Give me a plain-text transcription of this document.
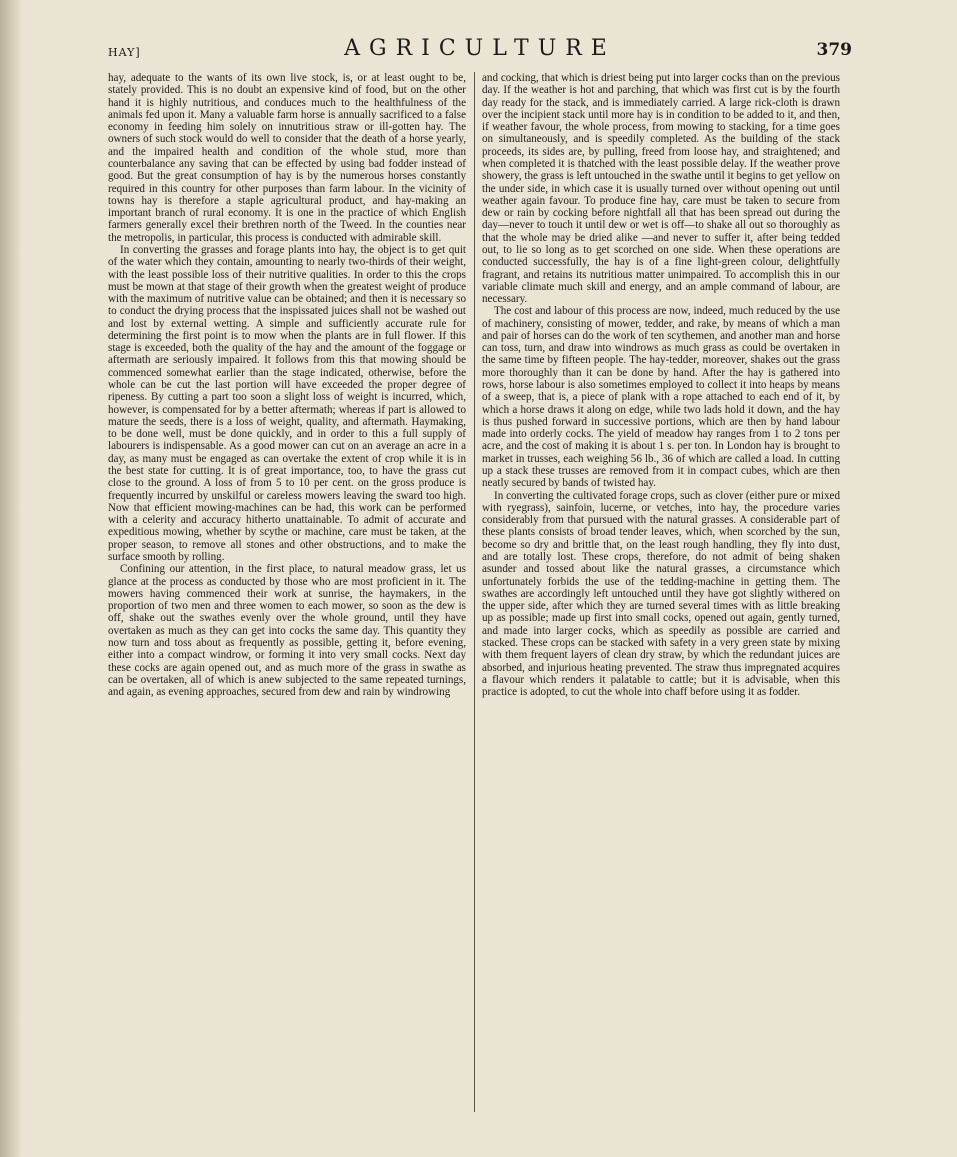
HAY]	AGRICULTURE	379

hay, adequate to the wants of its own live stock, is, or at least ought to be, stately provided. This is no doubt an expensive kind of food, but on the other hand it is highly nutritious, and conduces much to the healthfulness of the animals fed upon it. Many a valuable farm horse is annually sacrificed to a false economy in feeding him solely on innutritious straw or ill-gotten hay. The owners of such stock would do well to consider that the death of a horse yearly, and the impaired health and condition of the whole stud, more than counterbalance any saving that can be effected by using bad fodder instead of good. But the great consumption of hay is by the numerous horses constantly required in this country for other purposes than farm labour. In the vicinity of towns hay is therefore a staple agricultural product, and hay-making an important branch of rural economy. It is one in the practice of which English farmers generally excel their brethren north of the Tweed. In the counties near the metropolis, in particular, this process is conducted with admirable skill.

In converting the grasses and forage plants into hay, the object is to get quit of the water which they contain, amounting to nearly two-thirds of their weight, with the least possible loss of their nutritive qualities. In order to this the crops must be mown at that stage of their growth when the greatest weight of produce with the maximum of nutritive value can be obtained; and then it is necessary so to conduct the drying process that the inspissated juices shall not be washed out and lost by external wetting. A simple and sufficiently accurate rule for determining the first point is to mow when the plants are in full flower. If this stage is exceeded, both the quality of the hay and the amount of the foggage or aftermath are seriously impaired. It follows from this that mowing should be commenced somewhat earlier than the stage indicated, otherwise, before the whole can be cut the last portion will have exceeded the proper degree of ripeness. By cutting a part too soon a slight loss of weight is incurred, which, however, is compensated for by a better aftermath; whereas if part is allowed to mature the seeds, there is a loss of weight, quality, and aftermath. Haymaking, to be done well, must be done quickly, and in order to this a full supply of labourers is indispensable. As a good mower can cut on an average an acre in a day, as many must be engaged as can overtake the extent of crop while it is in the best state for cutting. It is of great importance, too, to have the grass cut close to the ground. A loss of from 5 to 10 per cent. on the gross produce is frequently incurred by unskilful or careless mowers leaving the sward too high. Now that efficient mowing-machines can be had, this work can be performed with a celerity and accuracy hitherto unattainable. To admit of accurate and expeditious mowing, whether by scythe or machine, care must be taken, at the proper season, to remove all stones and other obstructions, and to make the surface smooth by rolling.

Confining our attention, in the first place, to natural meadow grass, let us glance at the process as conducted by those who are most proficient in it. The mowers having commenced their work at sunrise, the haymakers, in the proportion of two men and three women to each mower, so soon as the dew is off, shake out the swathes evenly over the whole ground, until they have overtaken as much as they can get into cocks the same day. This quantity they now turn and toss about as frequently as possible, getting it, before evening, either into a compact windrow, or forming it into very small cocks. Next day these cocks are again opened out, and as much more of the grass in swathe as can be overtaken, all of which is anew subjected to the same repeated turnings, and again, as evening approaches, secured from dew and rain by windrowing

and cocking, that which is driest being put into larger cocks than on the previous day. If the weather is hot and parching, that which was first cut is by the fourth day ready for the stack, and is immediately carried. A large rick-cloth is drawn over the incipient stack until more hay is in condition to be added to it, and then, if weather favour, the whole process, from mowing to stacking, for a time goes on simultaneously, and is speedily completed. As the building of the stack proceeds, its sides are, by pulling, freed from loose hay, and straightened; and when completed it is thatched with the least possible delay. If the weather prove showery, the grass is left untouched in the swathe until it begins to get yellow on the under side, in which case it is usually turned over without opening out until weather again favour. To produce fine hay, care must be taken to secure from dew or rain by cocking before nightfall all that has been spread out during the day—never to touch it until dew or wet is off—to shake all out so thoroughly as that the whole may be dried alike —and never to suffer it, after being tedded out, to lie so long as to get scorched on one side. When these operations are conducted successfully, the hay is of a fine light-green colour, delightfully fragrant, and retains its nutritious matter unimpaired. To accomplish this in our variable climate much skill and energy, and an ample command of labour, are necessary.

The cost and labour of this process are now, indeed, much reduced by the use of machinery, consisting of mower, tedder, and rake, by means of which a man and pair of horses can do the work of ten scythemen, and another man and horse can toss, turn, and draw into windrows as much grass as could be overtaken in the same time by fifteen people. The hay-tedder, moreover, shakes out the grass more thoroughly than it can be done by hand. After the hay is gathered into rows, horse labour is also sometimes employed to collect it into heaps by means of a sweep, that is, a piece of plank with a rope attached to each end of it, by which a horse draws it along on edge, while two lads hold it down, and the hay is thus pushed forward in successive portions, which are then by hand labour made into orderly cocks. The yield of meadow hay ranges from 1 to 2 tons per acre, and the cost of making it is about 1 s. per ton. In London hay is brought to market in trusses, each weighing 56 lb., 36 of which are called a load. In cutting up a stack these trusses are removed from it in compact cubes, which are then neatly secured by bands of twisted hay.

In converting the cultivated forage crops, such as clover (either pure or mixed with ryegrass), sainfoin, lucerne, or vetches, into hay, the procedure varies considerably from that pursued with the natural grasses. A considerable part of these plants consists of broad tender leaves, which, when scorched by the sun, become so dry and brittle that, on the least rough handling, they fly into dust, and are totally lost. These crops, therefore, do not admit of being shaken asunder and tossed about like the natural grasses, a circumstance which unfortunately forbids the use of the tedding-machine in getting them. The swathes are accordingly left untouched until they have got slightly withered on the upper side, after which they are turned several times with as little breaking up as possible; made up first into small cocks, opened out again, gently turned, and made into larger cocks, which as speedily as possible are carried and stacked. These crops can be stacked with safety in a very green state by mixing with them frequent layers of clean dry straw, by which the redundant juices are absorbed, and injurious heating prevented. The straw thus impregnated acquires a flavour which renders it palatable to cattle; but it is advisable, when this practice is adopted, to cut the whole into chaff before using it as fodder.
